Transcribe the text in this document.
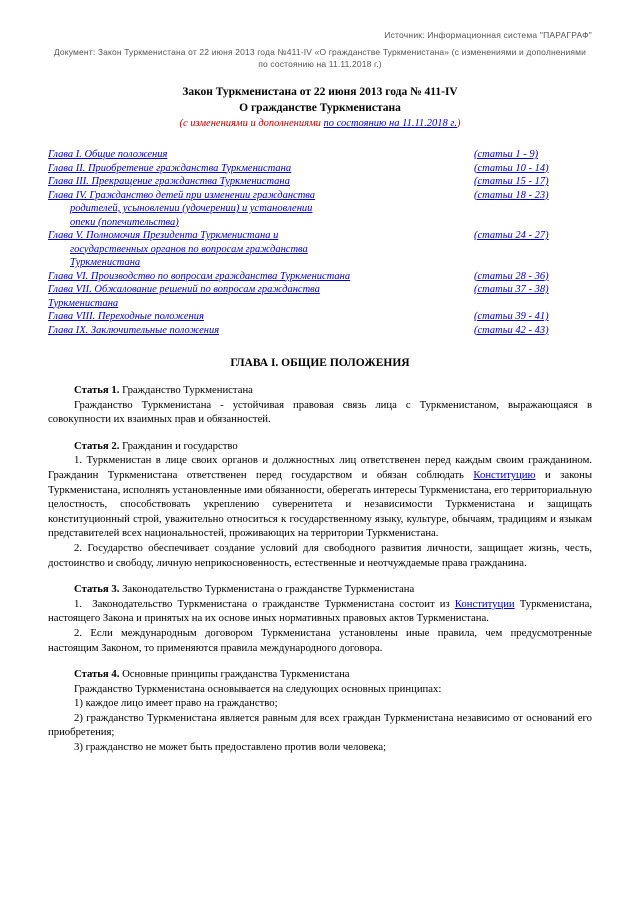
Источник: Информационная система "ПАРАГРАФ"
Документ: Закон Туркменистана от 22 июня 2013 года №411-IV «О гражданстве Туркменистана» (с изменениями и дополнениями по состоянию на 11.11.2018 г.)
Закон Туркменистана от 22 июня 2013 года № 411-IV
О гражданстве Туркменистана
(с изменениями и дополнениями по состоянию на 11.11.2018 г.)
Глава I. Общие положения	(статьи 1 - 9)
Глава II. Приобретение гражданства Туркменистана	(статьи 10 - 14)
Глава III. Прекращение гражданства Туркменистана	(статьи 15 - 17)
Глава IV. Гражданство детей при изменении гражданства	(статьи 18 - 23)
родителей, усыновлении (удочерении) и установлении
опеки (попечительства)
Глава V. Полномочия Президента Туркменистана и	(статьи 24 - 27)
государственных органов по вопросам гражданства
Туркменистана
Глава VI. Производство по вопросам гражданства Туркменистана	(статьи 28 - 36)
Глава VII. Обжалование решений по вопросам гражданства	(статьи 37 - 38)
Туркменистана
Глава VIII. Переходные положения	(статьи 39 - 41)
Глава IX. Заключительные положения	(статьи 42 - 43)
ГЛАВА I. ОБЩИЕ ПОЛОЖЕНИЯ

Статья 1. Гражданство Туркменистана

Гражданство Туркменистана - устойчивая правовая связь лица с Туркменистаном, выражающаяся в совокупности их взаимных прав и обязанностей.

Статья 2. Гражданин и государство

1. Туркменистан в лице своих органов и должностных лиц ответственен перед каждым своим гражданином. Гражданин Туркменистана ответственен перед государством и обязан соблюдать Конституцию и законы Туркменистана, исполнять установленные ими обязанности, оберегать интересы Туркменистана, его территориальную целостность, способствовать укреплению суверенитета и независимости Туркменистана и защищать конституционный строй, уважительно относиться к государственному языку, культуре, обычаям, традициям и языкам представителей всех национальностей, проживающих на территории Туркменистана.

2. Государство обеспечивает создание условий для свободного развития личности, защищает жизнь, честь, достоинство и свободу, личную неприкосновенность, естественные и неотчуждаемые права гражданина.

Статья 3. Законодательство Туркменистана о гражданстве Туркменистана

1.  Законодательство Туркменистана о гражданстве Туркменистана состоит из Конституции Туркменистана, настоящего Закона и принятых на их основе иных нормативных правовых актов Туркменистана.

2. Если международным договором Туркменистана установлены иные правила, чем предусмотренные настоящим Законом, то применяются правила международного договора.

Статья 4. Основные принципы гражданства Туркменистана

Гражданство Туркменистана основывается на следующих основных принципах:

1) каждое лицо имеет право на гражданство;

2) гражданство Туркменистана является равным для всех граждан Туркменистана независимо от оснований его приобретения;

3) гражданство не может быть предоставлено против воли человека;
